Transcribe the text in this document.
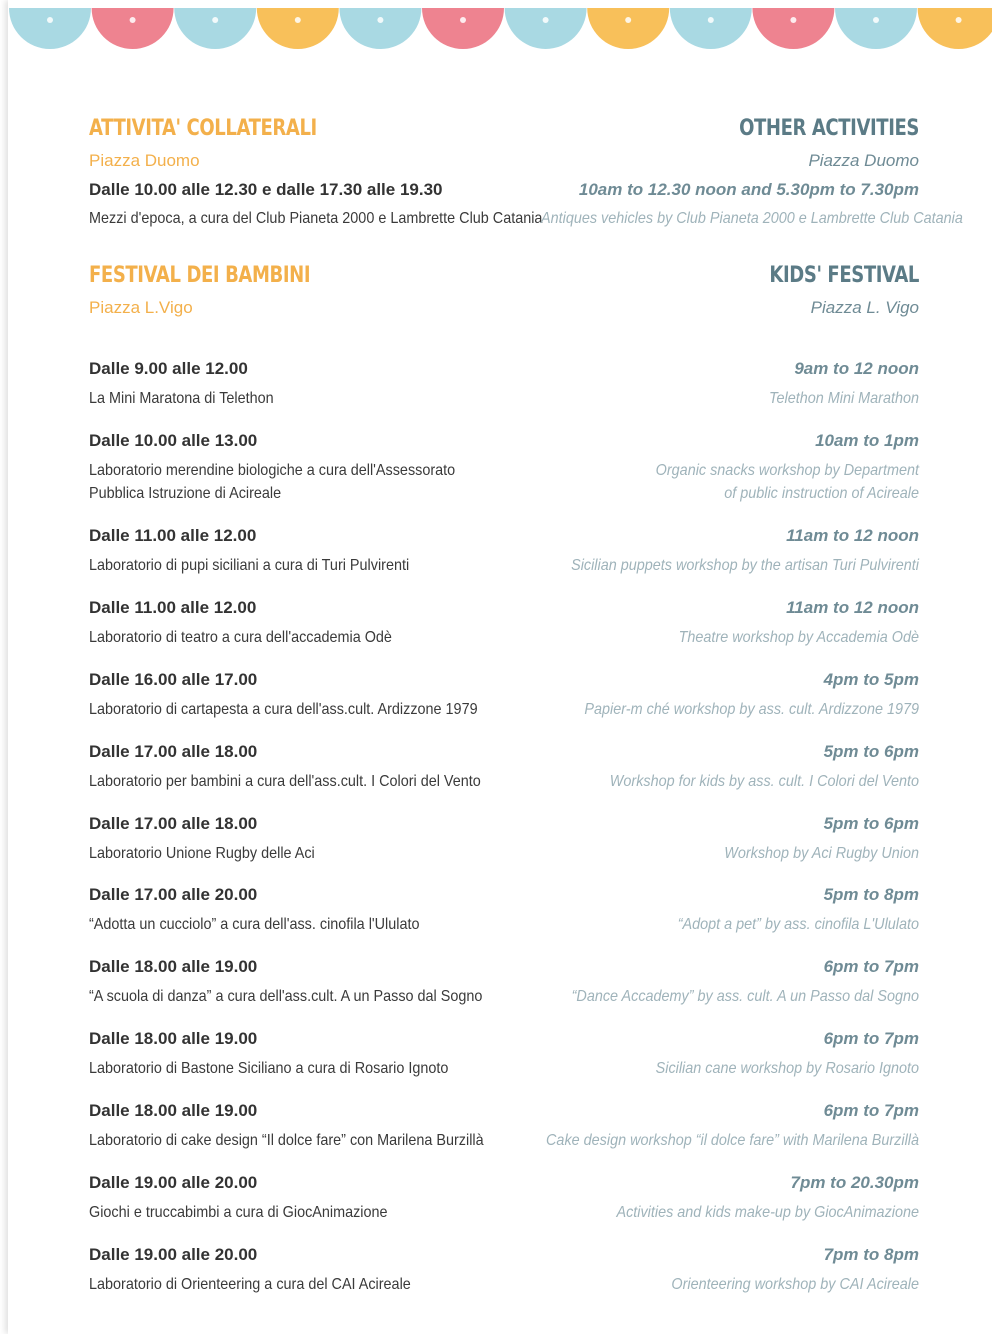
ATTIVITA' COLLATERALI
Piazza Duomo
Dalle 10.00 alle 12.30 e dalle 17.30 alle 19.30
Mezzi d'epoca, a cura del Club Pianeta 2000 e Lambrette Club Catania
OTHER ACTIVITIES
Piazza Duomo
10am to 12.30 noon and 5.30pm to 7.30pm
Antiques vehicles by Club Pianeta 2000 e Lambrette Club Catania
FESTIVAL DEI BAMBINI
Piazza L.Vigo
KIDS' FESTIVAL
Piazza L. Vigo
Dalle 9.00 alle 12.00
La Mini Maratona di Telethon
9am to 12 noon
Telethon Mini Marathon
Dalle 10.00 alle 13.00
Laboratorio merendine biologiche a cura dell'Assessorato
Pubblica Istruzione di Acireale
10am to 1pm
Organic snacks workshop by Department
of public instruction of Acireale
Dalle 11.00 alle 12.00
Laboratorio di pupi siciliani a cura di Turi Pulvirenti
11am to 12 noon
Sicilian puppets workshop by the artisan Turi Pulvirenti
Dalle 11.00 alle 12.00
Laboratorio di teatro a cura dell'accademia Odè
11am to 12 noon
Theatre workshop by Accademia Odè
Dalle 16.00 alle 17.00
Laboratorio di cartapesta a cura dell'ass.cult. Ardizzone 1979
4pm to 5pm
Papier-m ché workshop by ass. cult. Ardizzone 1979
Dalle 17.00 alle 18.00
Laboratorio per bambini a cura dell'ass.cult. I Colori del Vento
5pm to 6pm
Workshop for kids by ass. cult. I Colori del Vento
Dalle 17.00 alle 18.00
Laboratorio Unione Rugby delle Aci
5pm to 6pm
Workshop by Aci Rugby Union
Dalle 17.00 alle 20.00
“Adotta un cucciolo” a cura dell'ass. cinofila l'Ululato
5pm to 8pm
“Adopt a pet” by ass. cinofila L'Ululato
Dalle 18.00 alle 19.00
“A scuola di danza” a cura dell'ass.cult. A un Passo dal Sogno
6pm to 7pm
“Dance Accademy” by ass. cult. A un Passo dal Sogno
Dalle 18.00 alle 19.00
Laboratorio di Bastone Siciliano a cura di Rosario Ignoto
6pm to 7pm
Sicilian cane workshop by Rosario Ignoto
Dalle 18.00 alle 19.00
Laboratorio di cake design “Il dolce fare” con Marilena Burzillà
6pm to 7pm
Cake design workshop “il dolce fare” with Marilena Burzillà
Dalle 19.00 alle 20.00
Giochi e truccabimbi a cura di GiocAnimazione
7pm to 20.30pm
Activities and kids make-up by GiocAnimazione
Dalle 19.00 alle 20.00
Laboratorio di Orienteering a cura del CAI Acireale
7pm to 8pm
Orienteering workshop by CAI Acireale
